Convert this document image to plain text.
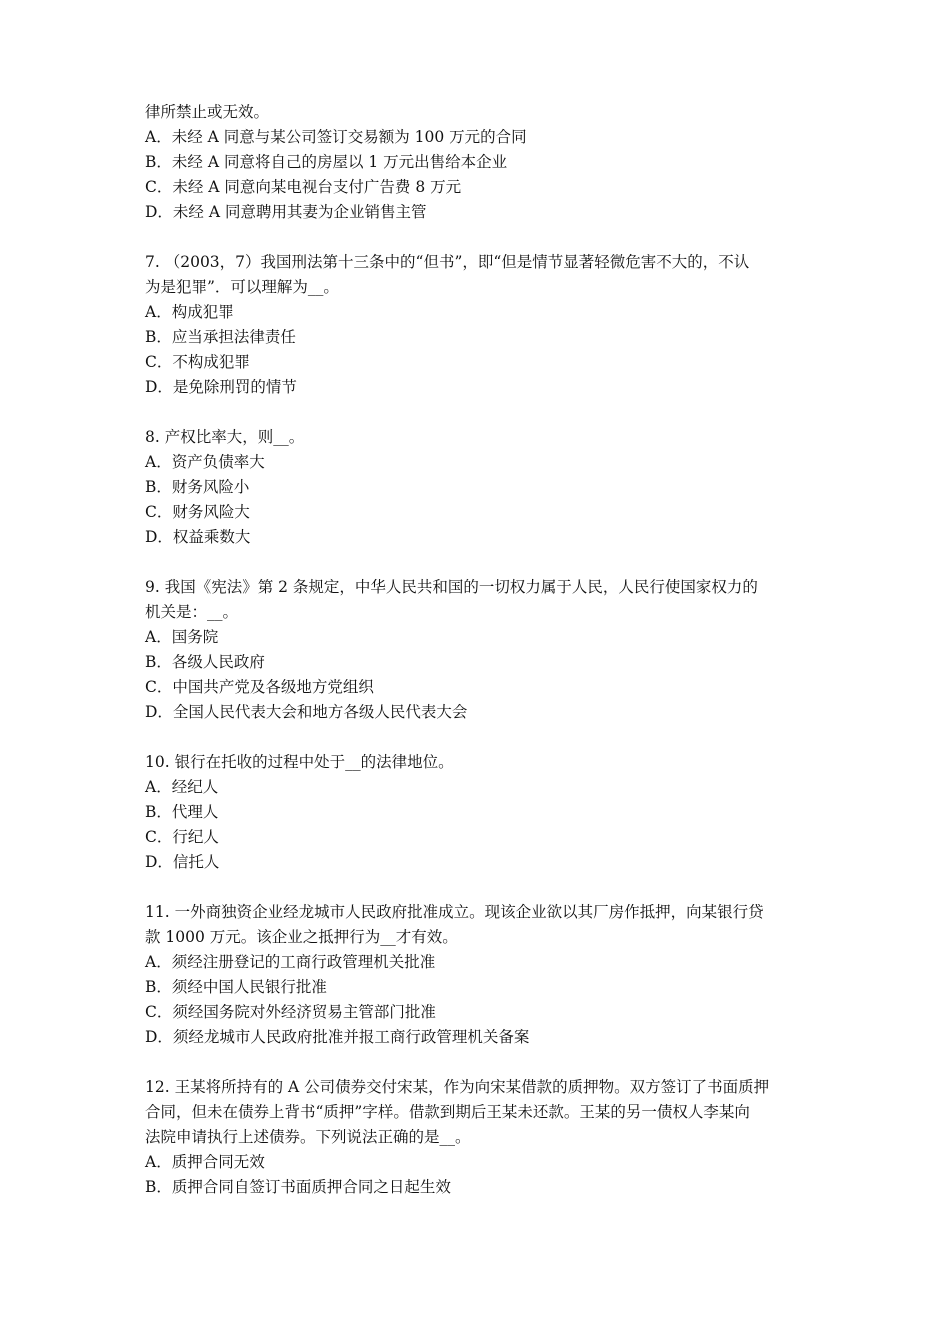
律所禁止或无效。
A．未经 A 同意与某公司签订交易额为 100 万元的合同
B．未经 A 同意将自己的房屋以 1 万元出售给本企业
C．未经 A 同意向某电视台支付广告费 8 万元
D．未经 A 同意聘用其妻为企业销售主管
7. （2003，7）我国刑法第十三条中的“但书”，即“但是情节显著轻微危害不大的，不认
为是犯罪”．可以理解为__。
A．构成犯罪
B．应当承担法律责任
C．不构成犯罪
D．是免除刑罚的情节
8. 产权比率大，则__。
A．资产负债率大
B．财务风险小
C．财务风险大
D．权益乘数大
9. 我国《宪法》第 2 条规定，中华人民共和国的一切权力属于人民，人民行使国家权力的
机关是：__。
A．国务院
B．各级人民政府
C．中国共产党及各级地方党组织
D．全国人民代表大会和地方各级人民代表大会
10. 银行在托收的过程中处于__的法律地位。
A．经纪人
B．代理人
C．行纪人
D．信托人
11. 一外商独资企业经龙城市人民政府批准成立。现该企业欲以其厂房作抵押，向某银行贷
款 1000 万元。该企业之抵押行为__才有效。
A．须经注册登记的工商行政管理机关批准
B．须经中国人民银行批准
C．须经国务院对外经济贸易主管部门批准
D．须经龙城市人民政府批准并报工商行政管理机关备案
12. 王某将所持有的 A 公司债券交付宋某，作为向宋某借款的质押物。双方签订了书面质押
合同，但未在债券上背书“质押”字样。借款到期后王某未还款。王某的另一债权人李某向
法院申请执行上述债券。下列说法正确的是__。
A．质押合同无效
B．质押合同自签订书面质押合同之日起生效
